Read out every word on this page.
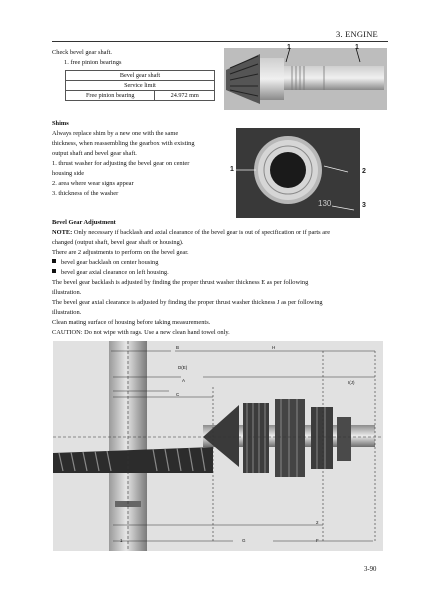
3. ENGINE
Check bevel gear shaft.
1. free pinion bearings
Bevel gear shaft
Service limit
Free pinion bearing	24.972 mm
1	1
Shims
Always replace shim by a new one with the same
thickness, when reassembling the gearbox with existing
output shaft and bevel gear shaft.
1. thrust washer for adjusting the bevel gear on center
housing side
2. area where wear signs appear
3. thickness of the washer
1	2
3
130
Bevel Gear Adjustment
NOTE: Only necessary if backlash and axial clearance of the bevel gear is out of specification or if parts are
changed (output shaft, bevel gear shaft or housing).
There are 2 adjustments to perform on the bevel gear.
bevel gear backlash on center housing
bevel gear axial clearance on left housing.
The bevel gear backlash is adjusted by finding the proper thrust washer thickness E as per following
illustration.
The bevel gear axial clearance is adjusted by finding the proper thrust washer thickness J as per following
illustration.
Clean mating surface of housing before taking measurements.
CAUTION: Do not wipe with rags. Use a new clean hand towel only.
B	H
D(E)
A	I(J)
C
2
1	G	F
3-90
